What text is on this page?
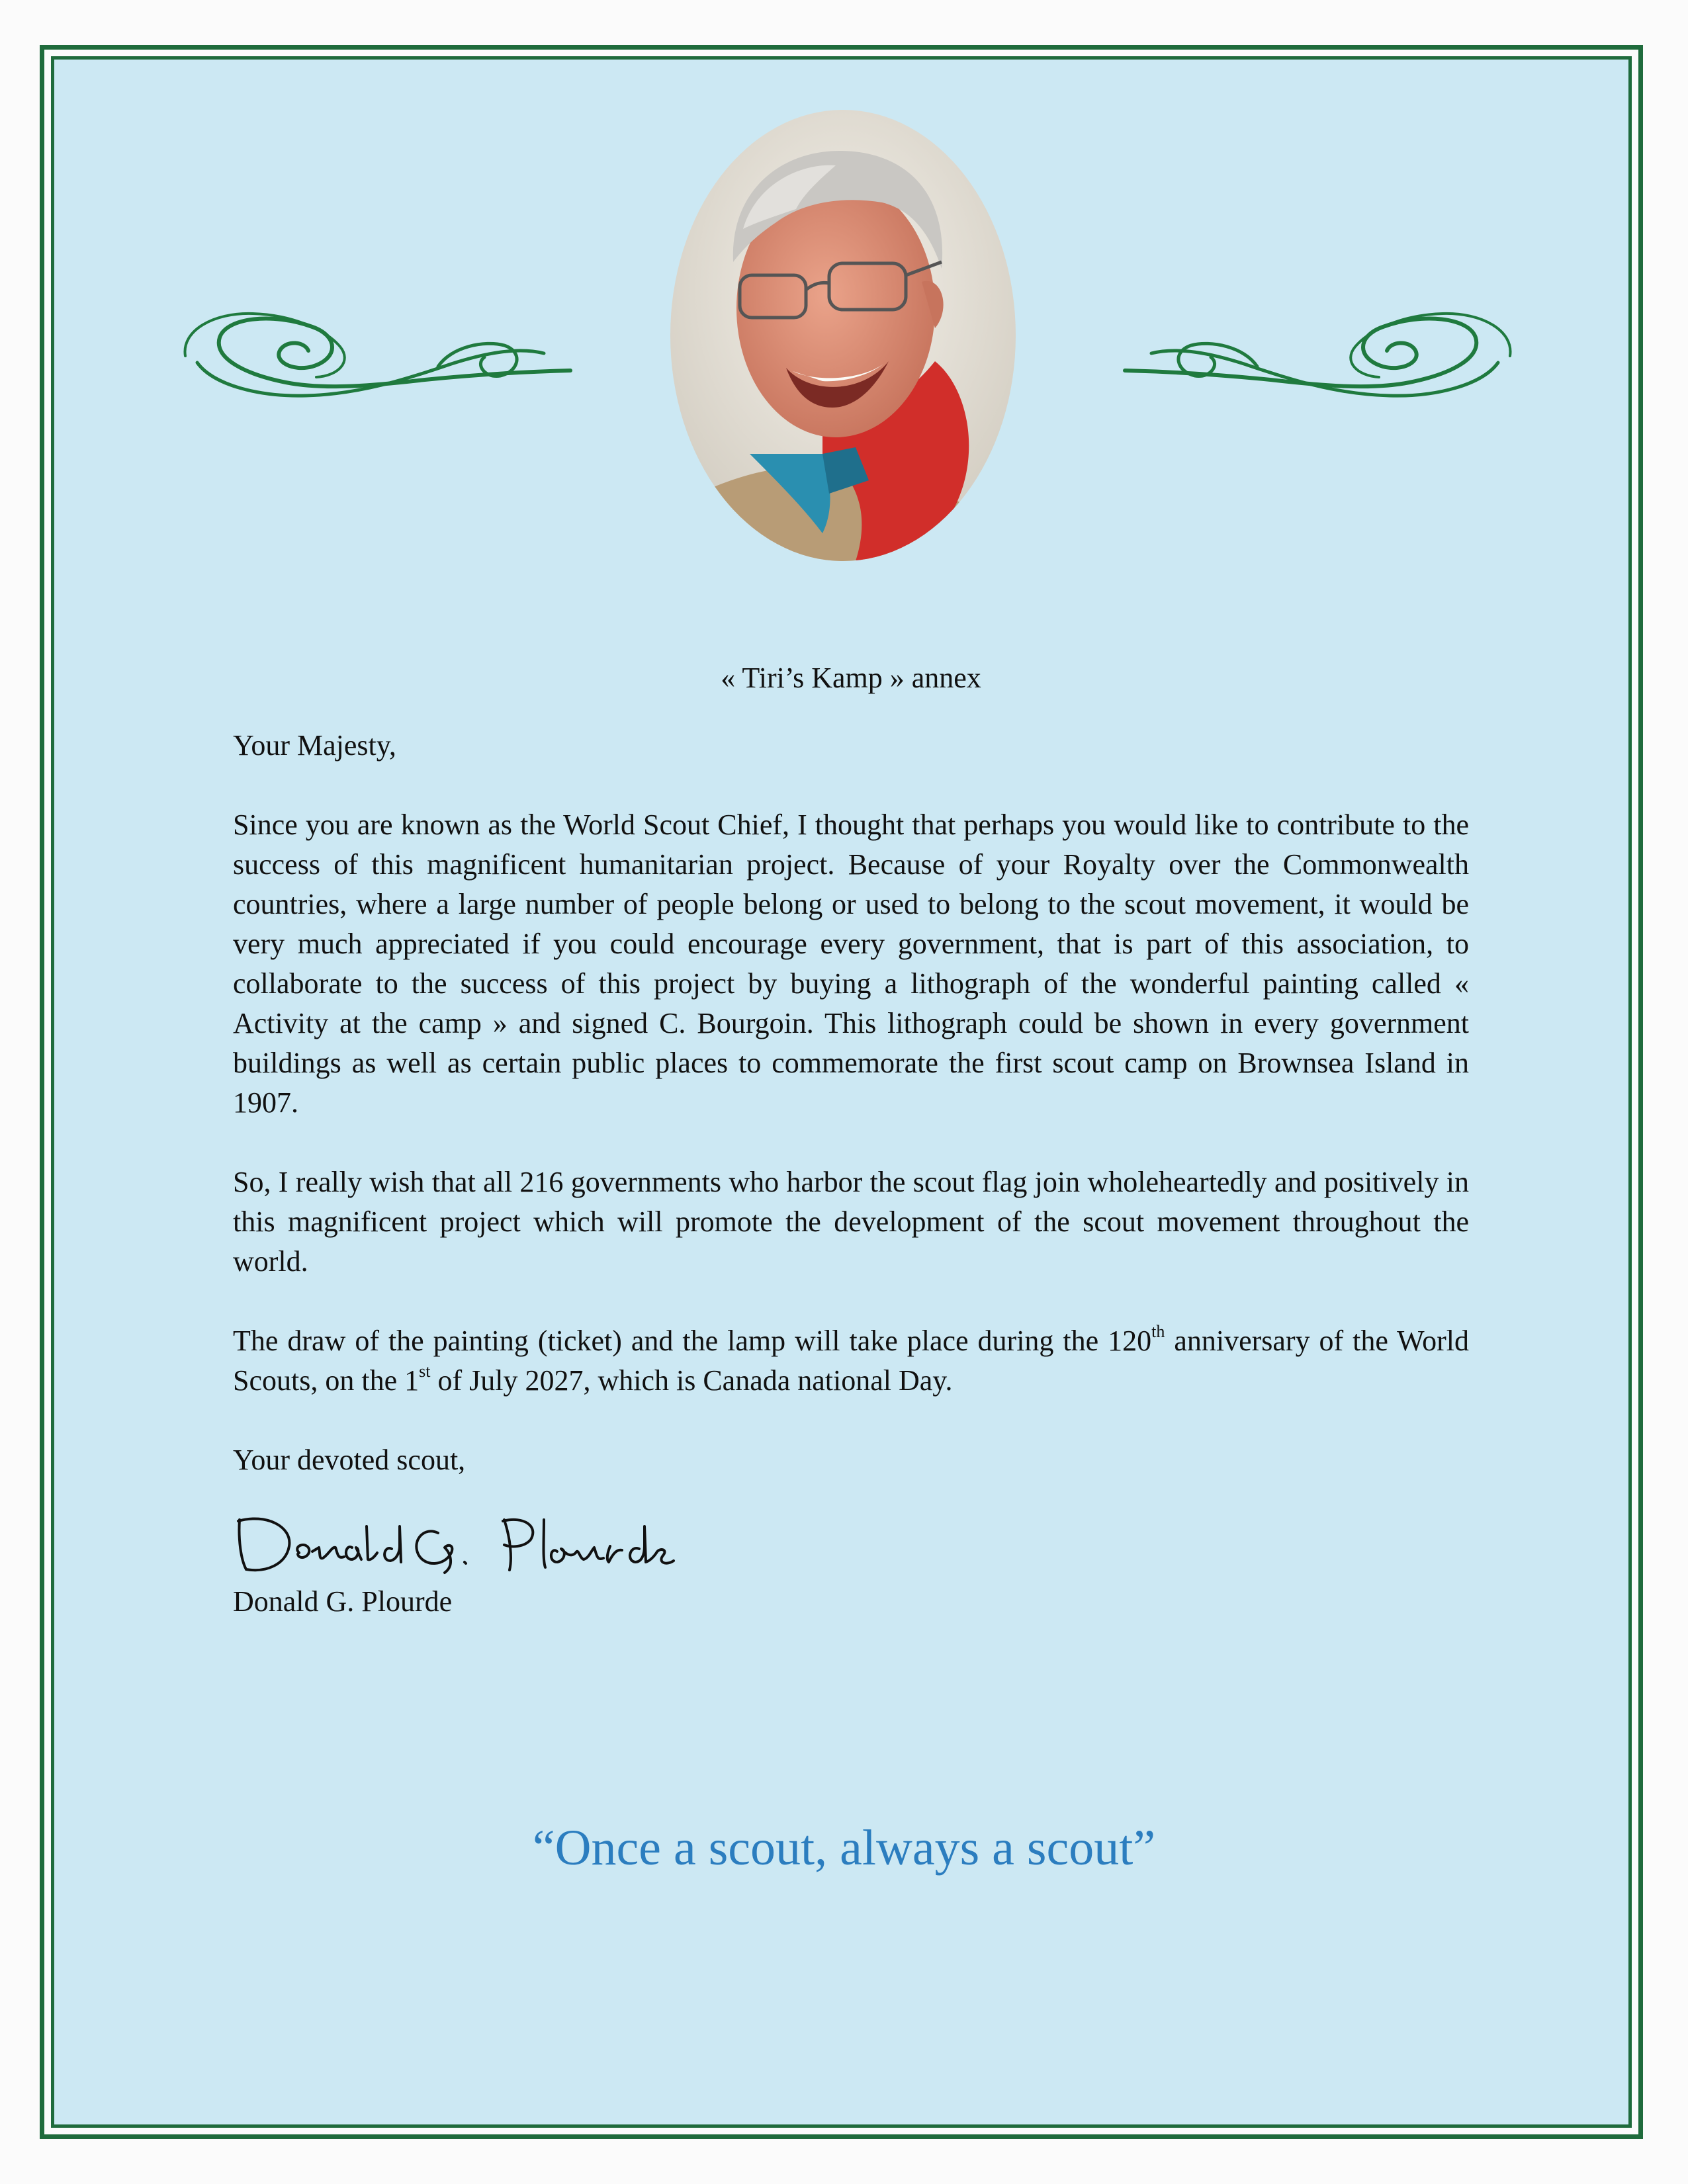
« Tiri’s Kamp » annex

Your Majesty,

Since you are known as the World Scout Chief, I thought that perhaps you would like to contribute to the success of this magnificent humanitarian project. Because of your Royalty over the Commonwealth countries, where a large number of people belong or used to belong to the scout movement, it would be very much appreciated if you could encourage every government, that is part of this association, to collaborate to the success of this project by buying a lithograph of the wonderful painting called « Activity at the camp » and signed C. Bourgoin. This lithograph could be shown in every government buildings as well as certain public places to commemorate the first scout camp on Brownsea Island in 1907.

So, I really wish that all 216 governments who harbor the scout flag join wholeheartedly and positively in this magnificent project which will promote the development of the scout movement throughout the world.

The draw of the painting (ticket) and the lamp will take place during the 120th anniversary of the World Scouts, on the 1st of July 2027, which is Canada national Day.

Your devoted scout,

Donald G. Plourde

“Once a scout, always a scout”
